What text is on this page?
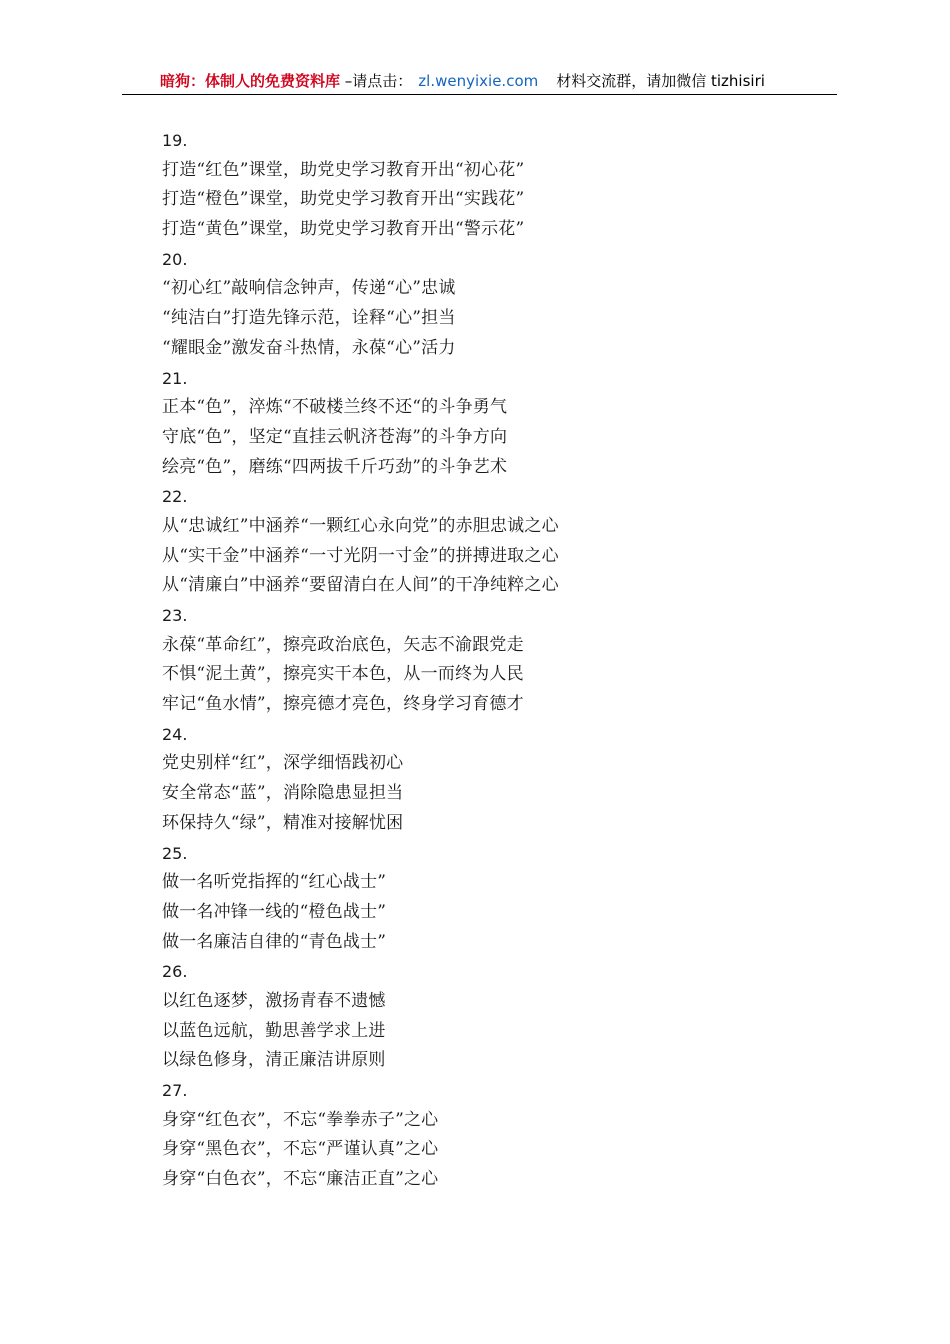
暗狗：体制人的免费资料库 –请点击： zl.wenyixie.com 材料交流群，请加微信 tizhisiri
19.
打造“红色”课堂，助党史学习教育开出“初心花”
打造“橙色”课堂，助党史学习教育开出“实践花”
打造“黄色”课堂，助党史学习教育开出“警示花”
20.
“初心红”敲响信念钟声，传递“心”忠诚
“纯洁白”打造先锋示范，诠释“心”担当
“耀眼金”激发奋斗热情，永葆“心”活力
21.
正本“色”，淬炼“不破楼兰终不还“的斗争勇气
守底“色”，坚定“直挂云帆济苍海”的斗争方向
绘亮“色”，磨练“四两拔千斤巧劲”的斗争艺术
22.
从“忠诚红”中涵养“一颗红心永向党”的赤胆忠诚之心
从“实干金”中涵养“一寸光阴一寸金”的拼搏进取之心
从“清廉白”中涵养“要留清白在人间”的干净纯粹之心
23.
永葆“革命红”，擦亮政治底色，矢志不渝跟党走
不惧“泥土黄”，擦亮实干本色，从一而终为人民
牢记“鱼水情”，擦亮德才亮色，终身学习育德才
24.
党史别样“红”，深学细悟践初心
安全常态“蓝”，消除隐患显担当
环保持久“绿”，精准对接解忧困
25.
做一名听党指挥的“红心战士”
做一名冲锋一线的“橙色战士”
做一名廉洁自律的“青色战士”
26.
以红色逐梦，激扬青春不遗憾
以蓝色远航，勤思善学求上进
以绿色修身，清正廉洁讲原则
27.
身穿“红色衣”，不忘“拳拳赤子”之心
身穿“黑色衣”，不忘“严谨认真”之心
身穿“白色衣”，不忘“廉洁正直”之心
